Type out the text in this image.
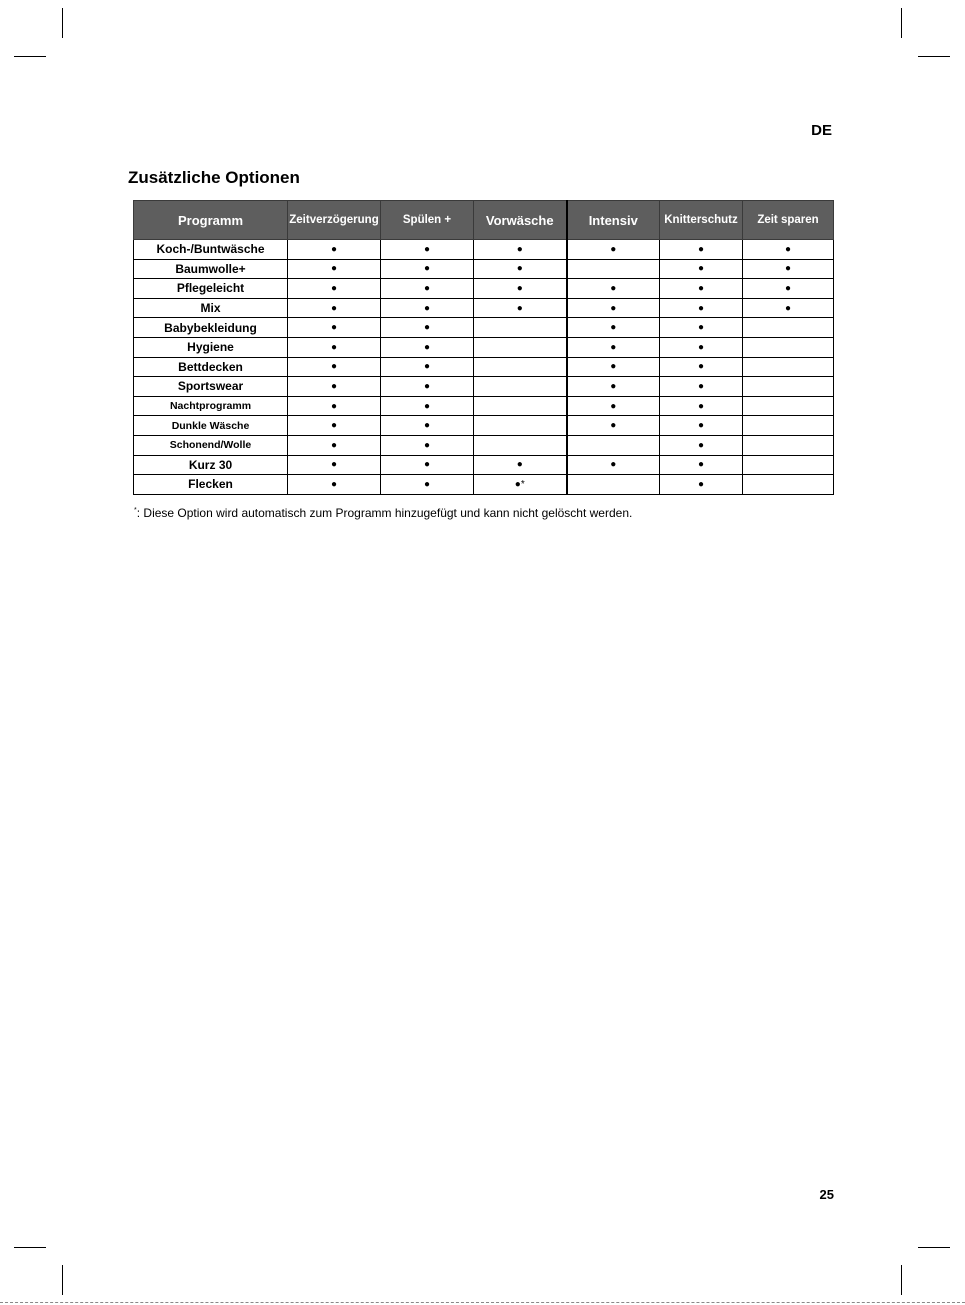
DE
Zusätzliche Optionen
Programm	Zeitverzögerung	Spülen +	Vorwäsche	Intensiv	Knitterschutz	Zeit sparen
Koch-/Buntwäsche	●	●	●	●	●	●
Baumwolle+	●	●	●		●	●
Pflegeleicht	●	●	●	●	●	●
Mix	●	●	●	●	●	●
Babybekleidung	●	●		●	●	
Hygiene	●	●		●	●	
Bettdecken	●	●		●	●	
Sportswear	●	●		●	●	
Nachtprogramm	●	●		●	●	
Dunkle Wäsche	●	●		●	●	
Schonend/Wolle	●	●			●	
Kurz 30	●	●	●	●	●	
Flecken	●	●	●*		●	
*: Diese Option wird automatisch zum Programm hinzugefügt und kann nicht gelöscht werden.
25
